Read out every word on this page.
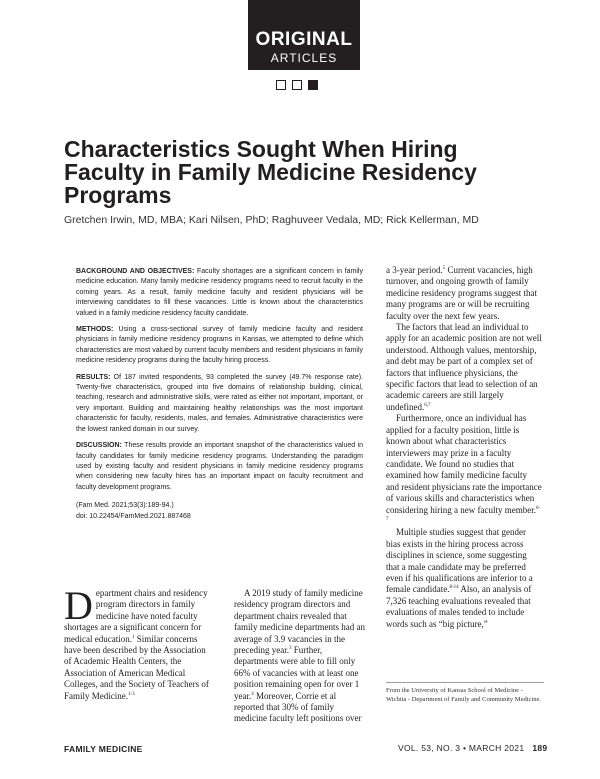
ORIGINAL
ARTICLES
Characteristics Sought When Hiring Faculty in Family Medicine Residency Programs
Gretchen Irwin, MD, MBA; Kari Nilsen, PhD; Raghuveer Vedala, MD; Rick Kellerman, MD

BACKGROUND AND OBJECTIVES: Faculty shortages are a significant concern in family medicine education. Many family medicine residency programs need to recruit faculty in the coming years. As a result, family medicine faculty and resident physicians will be interviewing candidates to fill these vacancies. Little is known about the characteristics valued in a family medicine residency faculty candidate.

METHODS: Using a cross-sectional survey of family medicine faculty and resident physicians in family medicine residency programs in Kansas, we attempted to define which characteristics are most valued by current faculty members and resident physicians in family medicine residency programs during the faculty hiring process.

RESULTS: Of 187 invited respondents, 93 completed the survey (49.7% response rate). Twenty-five characteristics, grouped into five domains of relationship building, clinical, teaching, research and administrative skills, were rated as either not important, important, or very important. Building and maintaining healthy relationships was the most important characteristic for faculty, residents, males, and females. Administrative characteristics were the lowest ranked domain in our survey.

DISCUSSION: These results provide an important snapshot of the characteristics valued in faculty candidates for family medicine residency programs. Understanding the paradigm used by existing faculty and resident physicians in family medicine residency programs when considering new faculty hires has an important impact on faculty recruitment and faculty development programs.

(Fam Med. 2021;53(3):189-94.)
doi: 10.22454/FamMed.2021.887468

a 3-year period.$^5$ Current vacancies, high turnover, and ongoing growth of family medicine residency programs suggest that many programs are or will be recruiting faculty over the next few years.

The factors that lead an individual to apply for an academic position are not well understood. Although values, mentorship, and debt may be part of a complex set of factors that influence physicians, the specific factors that lead to selection of an academic careers are still largely undefined.$^{6,7}$

Furthermore, once an individual has applied for a faculty position, little is known about what characteristics interviewers may prize in a faculty candidate. We found no studies that examined how family medicine faculty and resident physicians rate the importance of various skills and characteristics when considering hiring a new faculty member.$^{6-7}$

Multiple studies suggest that gender bias exists in the hiring process across disciplines in science, some suggesting that a male candidate may be preferred even if his qualifications are inferior to a female candidate.$^{8-14}$ Also, an analysis of 7,326 teaching evaluations revealed that evaluations of males tended to include words such as “big picture,”

Department chairs and residency program directors in family medicine have noted faculty shortages are a significant concern for medical education.$^1$ Similar concerns have been described by the Association of Academic Health Centers, the Association of American Medical Colleges, and the Society of Teachers of Family Medicine.$^{1-3}$

A 2019 study of family medicine residency program directors and department chairs revealed that family medicine departments had an average of 3.9 vacancies in the preceding year.$^3$ Further, departments were able to fill only 66% of vacancies with at least one position remaining open for over 1 year.$^4$ Moreover, Corrie et al reported that 30% of family medicine faculty left positions over

From the University of Kansas School of Medicine - Wichita - Department of Family and Community Medicine.
FAMILY MEDICINE	VOL. 53, NO. 3 • MARCH 2021 189
